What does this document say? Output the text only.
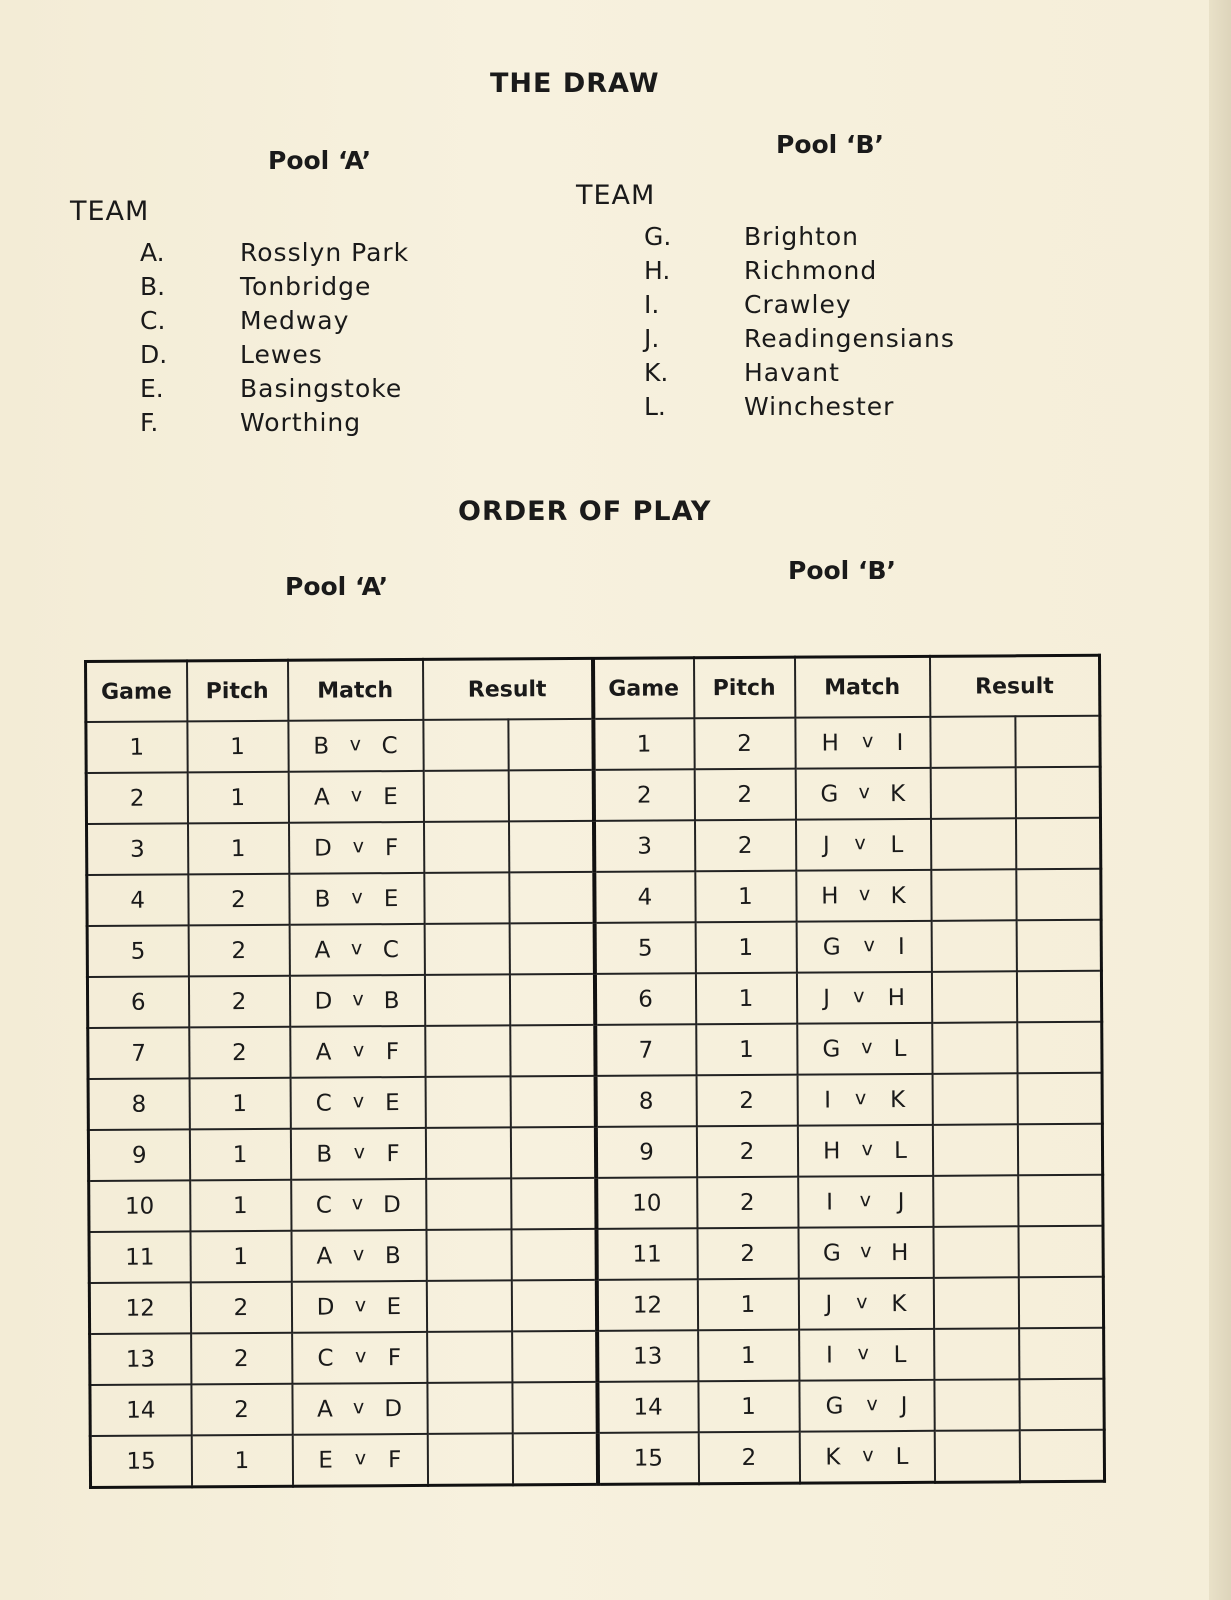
THE DRAW
Pool ‘A’
Pool ‘B’
TEAM
TEAM
A.	Rosslyn Park
B.	Tonbridge
C.	Medway
D.	Lewes
E.	Basingstoke
F.	Worthing
G.	Brighton
H.	Richmond
I.	Crawley
J.	Readingensians
K.	Havant
L.	Winchester
ORDER OF PLAY
Pool ‘A’
Pool ‘B’
Game	Pitch	Match	Result		Game	Pitch	Match	Result	
1	1	B v C			1	2	H v I		

2	1	A v E			2	2	G v K		

3	1	D v F			3	2	J v L		

4	2	B v E			4	1	H v K		

5	2	A v C			5	1	G v I		

6	2	D v B			6	1	J v H		

7	2	A v F			7	1	G v L		

8	1	C v E			8	2	I v K		

9	1	B v F			9	2	H v L		

10	1	C v D			10	2	I v J		

11	1	A v B			11	2	G v H		

12	2	D v E			12	1	J v K		

13	2	C v F			13	1	I v L		

14	2	A v D			14	1	G v J		

15	1	E v F			15	2	K v L		
